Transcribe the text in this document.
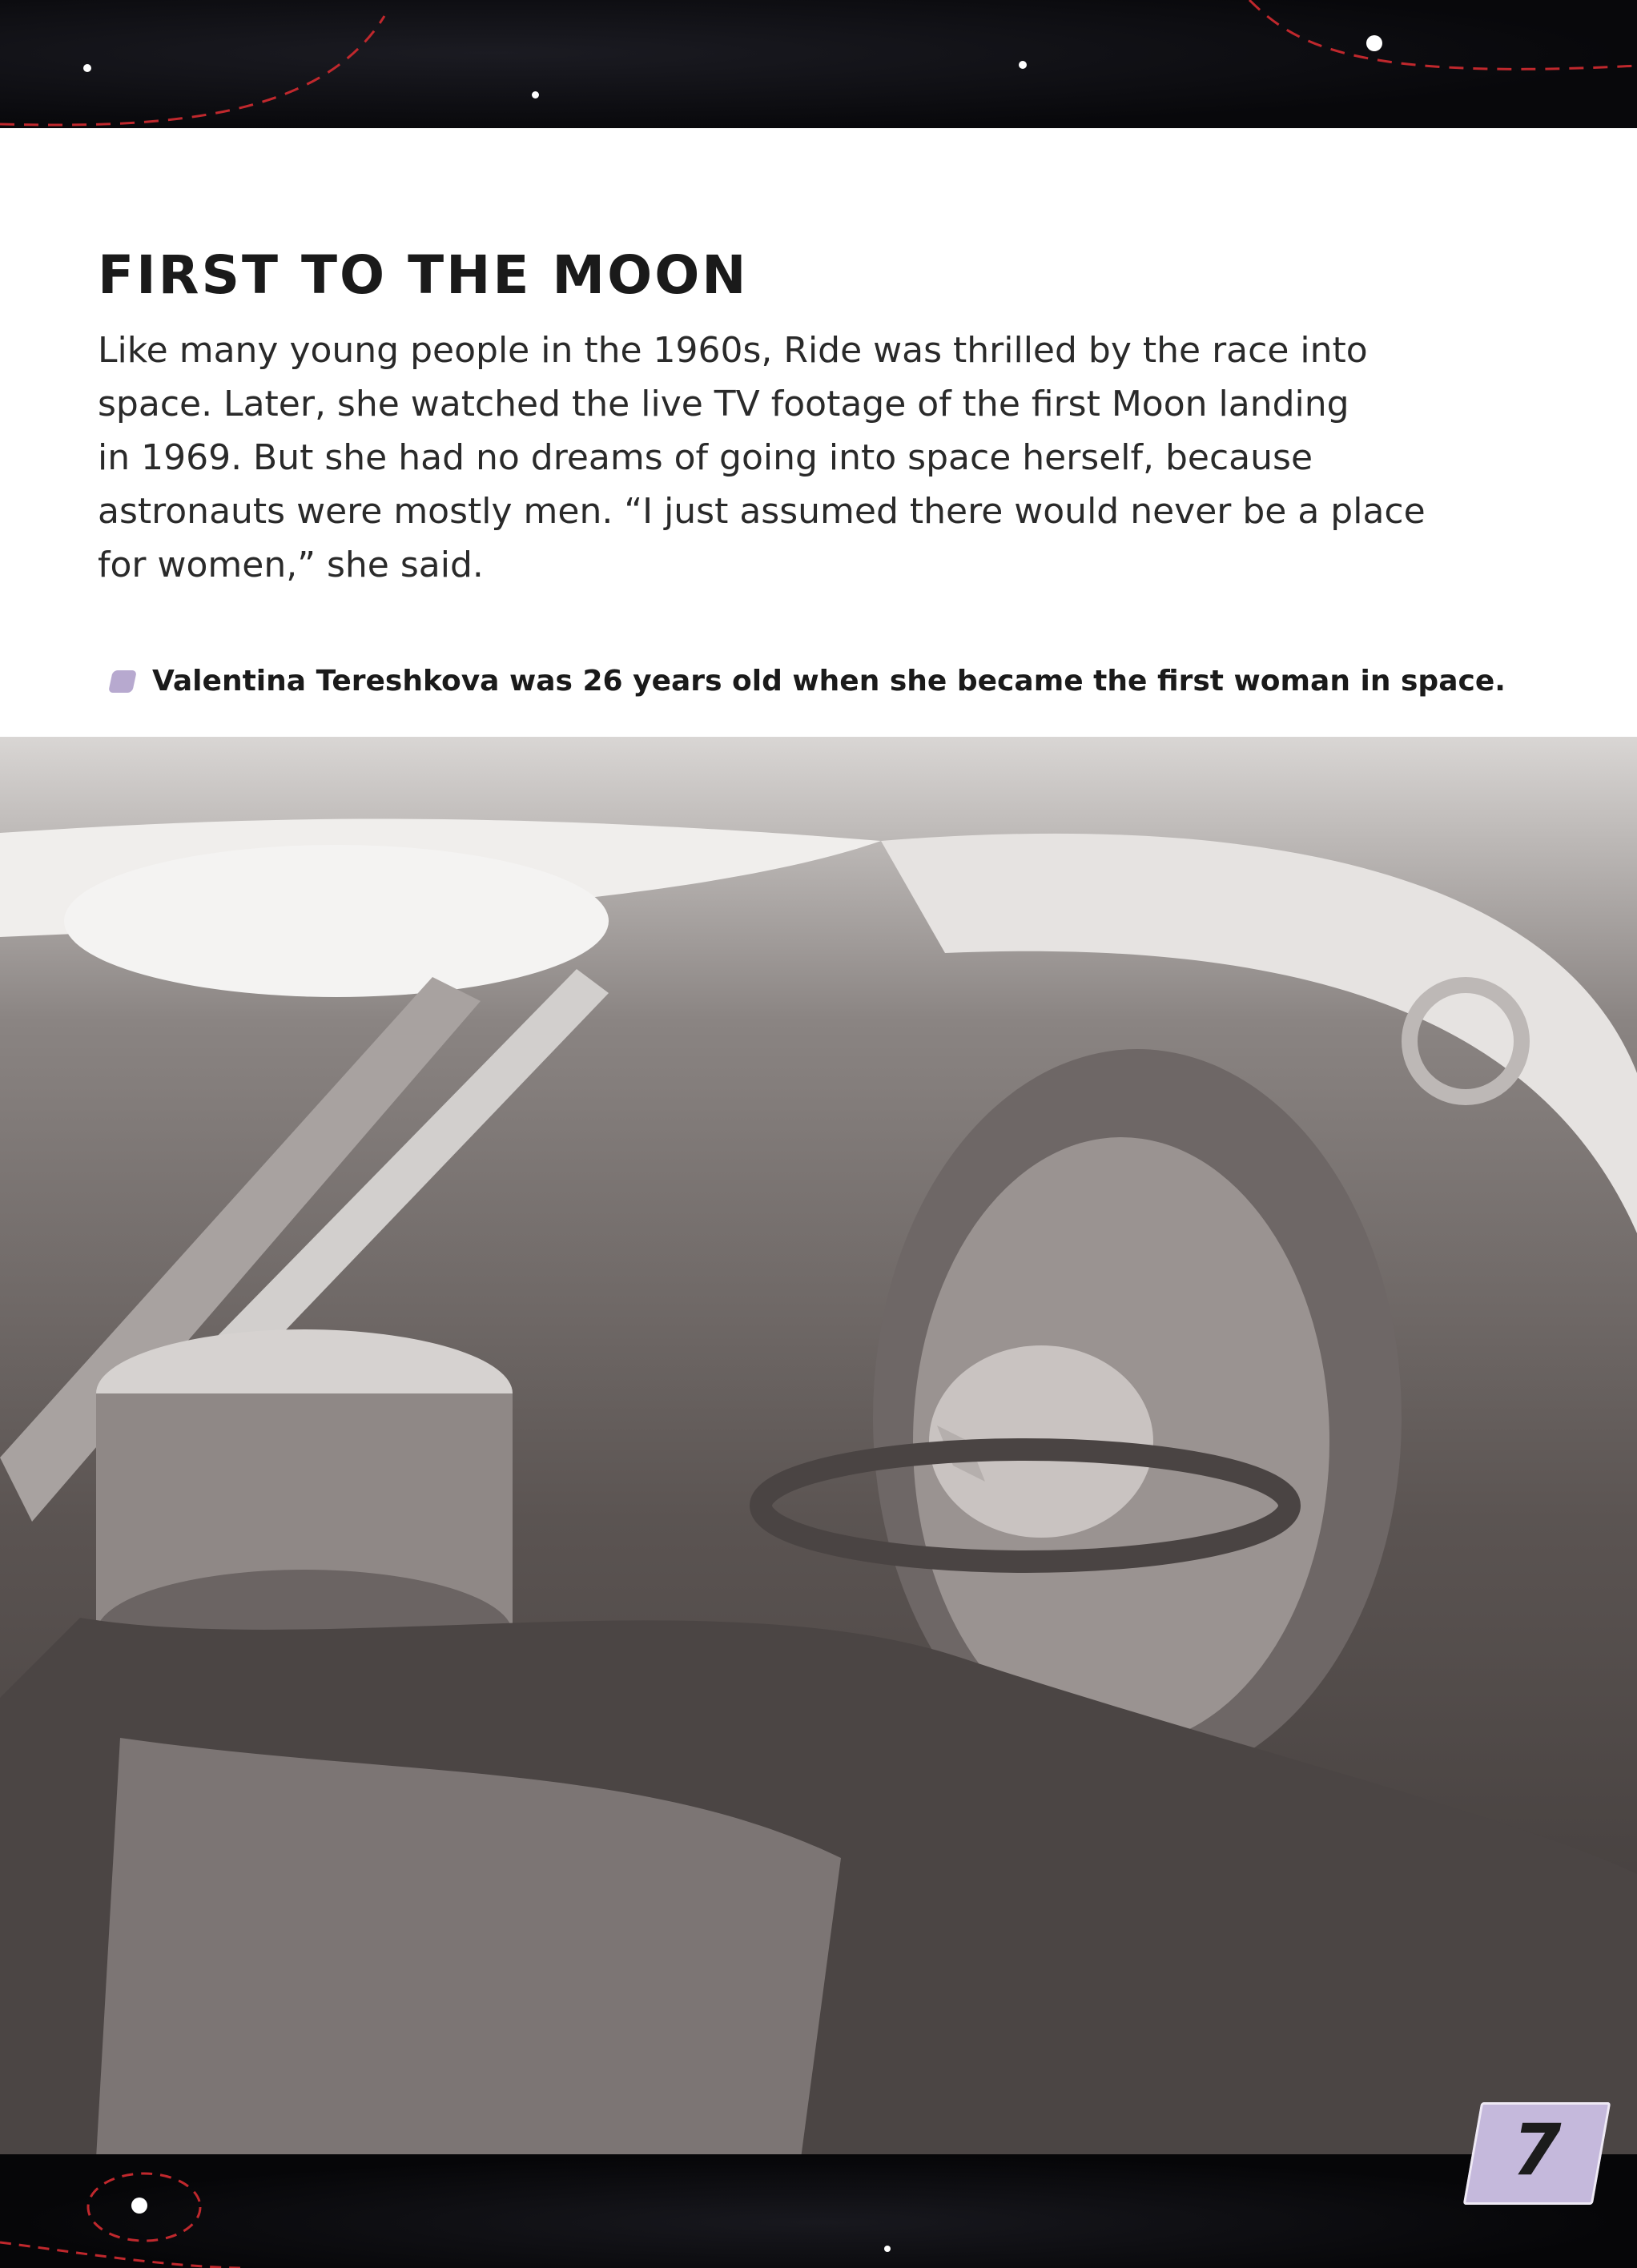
FIRST TO THE MOON
Like many young people in the 1960s, Ride was thrilled by the race into
space. Later, she watched the live TV footage of the first Moon landing
in 1969. But she had no dreams of going into space herself, because
astronauts were mostly men. “I just assumed there would never be a place
for women,” she said.

Valentina Tereshkova was 26 years old when she became the first woman in space.

7
